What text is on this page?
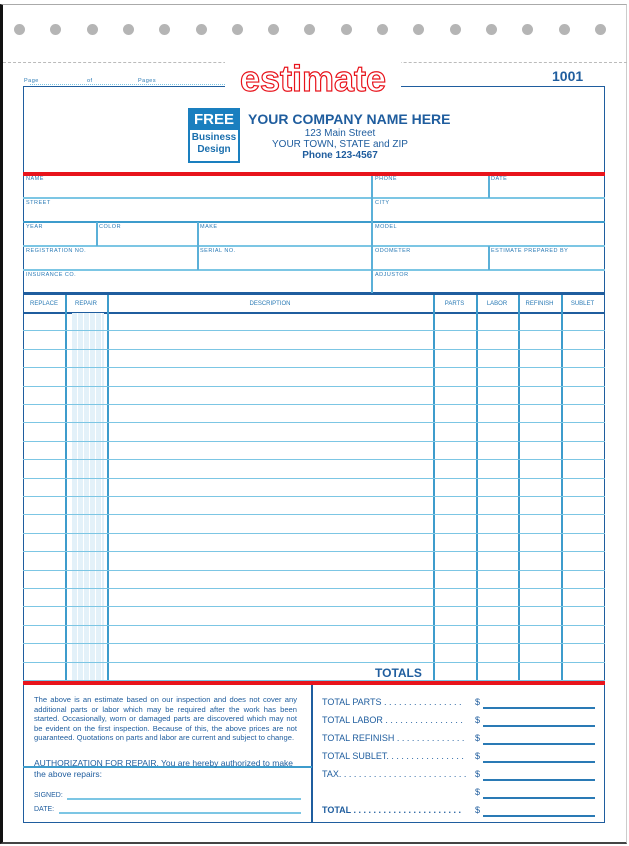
Page	of	Pages	estimate	1001
FREE
Business
Design
YOUR COMPANY NAME HERE
123 Main Street
YOUR TOWN, STATE and ZIP
Phone 123-4567
NAME	PHONE	DATE
STREET	CITY
YEAR	COLOR	MAKE	MODEL
REGISTRATION NO.	SERIAL NO.	ODOMETER	ESTIMATE PREPARED BY
INSURANCE CO.	ADJUSTOR
REPLACE	REPAIR	DESCRIPTION	PARTS	LABOR	REFINISH	SUBLET
TOTALS
The above is an estimate based on our inspection and does not cover any additional parts or labor which may be required after the work has been started. Occasionally, worn or damaged parts are discovered which may not be evident on the first inspection. Because of this, the above prices are not guaranteed. Quotations on parts and labor are current and subject to change.
AUTHORIZATION FOR REPAIR. You are hereby authorized to make the above repairs:
SIGNED:
DATE:
TOTAL PARTS . . . . . . . . . . . . . . . . $
TOTAL LABOR . . . . . . . . . . . . . . . . $
TOTAL REFINISH . . . . . . . . . . . . . . $
TOTAL SUBLET. . . . . . . . . . . . . . . . $
TAX. . . . . . . . . . . . . . . . . . . . . . . . . . $
$
TOTAL . . . . . . . . . . . . . . . . . . . . . . $
